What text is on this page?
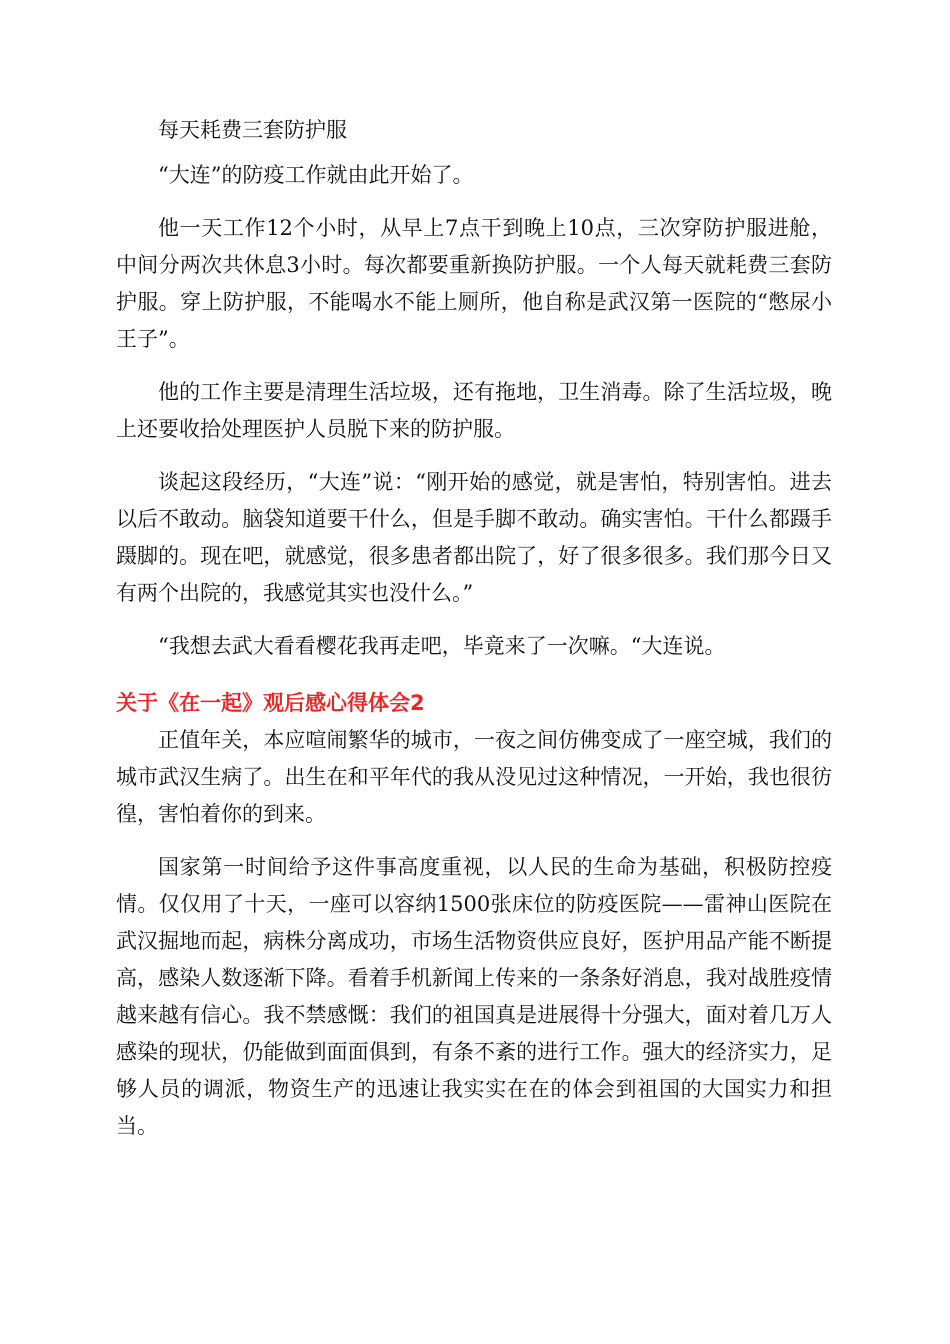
每天耗费三套防护服

“大连”的防疫工作就由此开始了。

他一天工作12个小时，从早上7点干到晚上10点，三次穿防护服进舱，中间分两次共休息3小时。每次都要重新换防护服。一个人每天就耗费三套防护服。穿上防护服，不能喝水不能上厕所，他自称是武汉第一医院的“憋尿小王子”。

他的工作主要是清理生活垃圾，还有拖地，卫生消毒。除了生活垃圾，晚上还要收拾处理医护人员脱下来的防护服。

谈起这段经历，“大连”说：“刚开始的感觉，就是害怕，特别害怕。进去以后不敢动。脑袋知道要干什么，但是手脚不敢动。确实害怕。干什么都蹑手蹑脚的。现在吧，就感觉，很多患者都出院了，好了很多很多。我们那今日又有两个出院的，我感觉其实也没什么。”

“我想去武大看看樱花我再走吧，毕竟来了一次嘛。“大连说。

关于《在一起》观后感心得体会2

正值年关，本应喧闹繁华的城市，一夜之间仿佛变成了一座空城，我们的城市武汉生病了。出生在和平年代的我从没见过这种情况，一开始，我也很彷徨，害怕着你的到来。

国家第一时间给予这件事高度重视，以人民的生命为基础，积极防控疫情。仅仅用了十天，一座可以容纳1500张床位的防疫医院——雷神山医院在武汉掘地而起，病株分离成功，市场生活物资供应良好，医护用品产能不断提高，感染人数逐渐下降。看着手机新闻上传来的一条条好消息，我对战胜疫情越来越有信心。我不禁感慨：我们的祖国真是进展得十分强大，面对着几万人感染的现状，仍能做到面面俱到，有条不紊的进行工作。强大的经济实力，足够人员的调派，物资生产的迅速让我实实在在的体会到祖国的大国实力和担当。
